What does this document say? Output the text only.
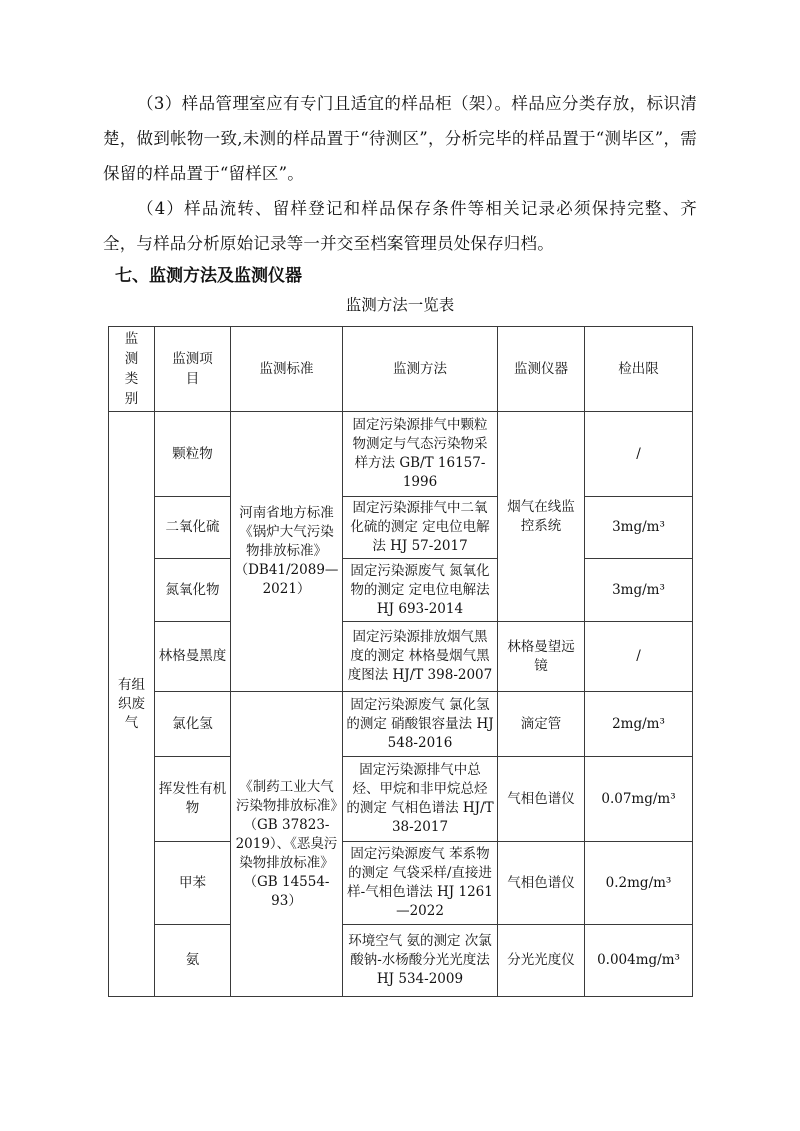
（3）样品管理室应有专门且适宜的样品柜（架）。样品应分类存放，标识清楚，做到帐物一致,未测的样品置于“待测区”，分析完毕的样品置于“测毕区”，需保留的样品置于“留样区”。

（4）样品流转、留样登记和样品保存条件等相关记录必须保持完整、齐全，与样品分析原始记录等一并交至档案管理员处保存归档。

七、监测方法及监测仪器

监测方法一览表

监测类别	监测项目	监测标准	监测方法	监测仪器	检出限
有组织废气	颗粒物	河南省地方标准《锅炉大气污染物排放标准》（DB41/2089—2021）	固定污染源排气中颗粒物测定与气态污染物采样方法 GB/T 16157-1996	烟气在线监控系统	/
	二氧化硫		固定污染源排气中二氧化硫的测定 定电位电解法 HJ 57-2017		3mg/m³
	氮氧化物		固定污染源废气 氮氧化物的测定 定电位电解法 HJ 693-2014		3mg/m³
	林格曼黑度		固定污染源排放烟气黑度的测定 林格曼烟气黑度图法 HJ/T 398-2007	林格曼望远镜	/
	氯化氢	《制药工业大气污染物排放标准》（GB 37823-2019）、《恶臭污染物排放标准》（GB 14554-93）	固定污染源废气 氯化氢的测定 硝酸银容量法 HJ 548-2016	滴定管	2mg/m³
	挥发性有机物		固定污染源排气中总烃、甲烷和非甲烷总烃的测定 气相色谱法 HJ/T 38-2017	气相色谱仪	0.07mg/m³
	甲苯		固定污染源废气 苯系物的测定 气袋采样/直接进样-气相色谱法 HJ 1261—2022	气相色谱仪	0.2mg/m³
	氨		环境空气 氨的测定 次氯酸钠-水杨酸分光光度法 HJ 534-2009	分光光度仪	0.004mg/m³
